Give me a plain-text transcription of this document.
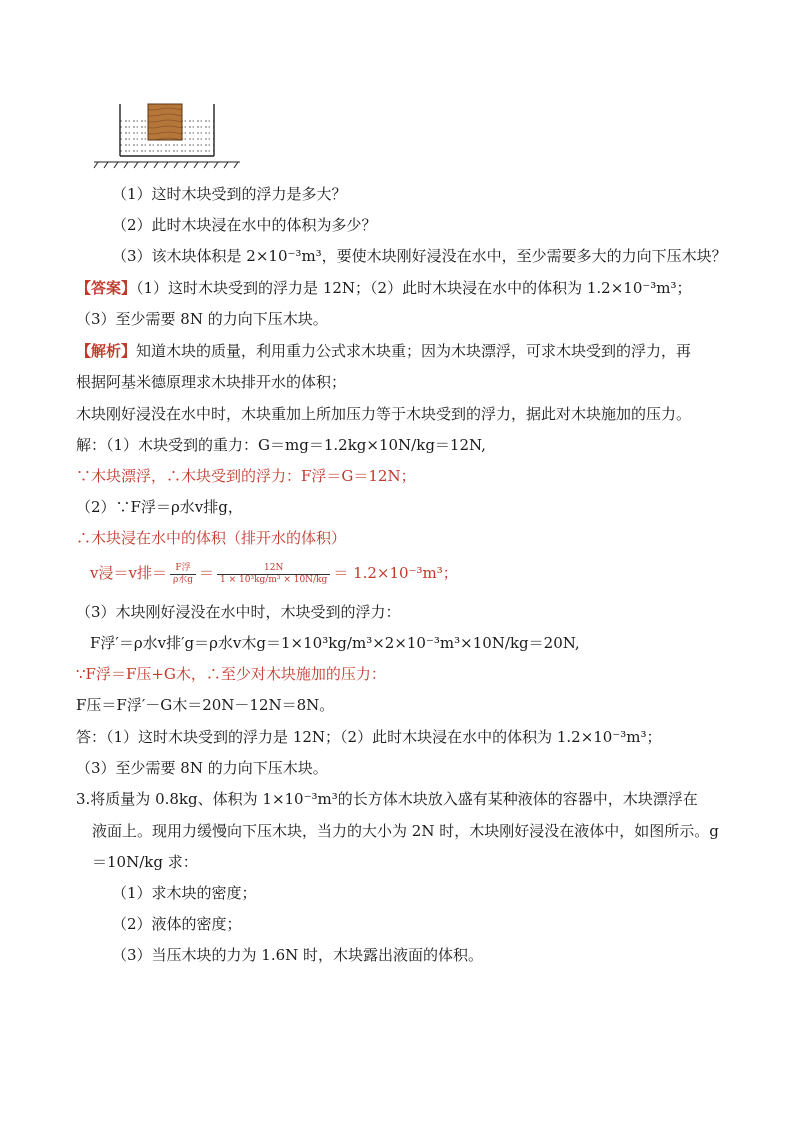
（1）这时木块受到的浮力是多大？
（2）此时木块浸在水中的体积为多少？
（3）该木块体积是 2×10⁻³m³，要使木块刚好浸没在水中，至少需要多大的力向下压木块？
【答案】（1）这时木块受到的浮力是 12N；（2）此时木块浸在水中的体积为 1.2×10⁻³m³；
（3）至少需要 8N 的力向下压木块。
【解析】知道木块的质量，利用重力公式求木块重；因为木块漂浮，可求木块受到的浮力，再
根据阿基米德原理求木块排开水的体积；
木块刚好浸没在水中时，木块重加上所加压力等于木块受到的浮力，据此对木块施加的压力。
解：（1）木块受到的重力：G＝mg＝1.2kg×10N/kg＝12N,
∵木块漂浮，∴木块受到的浮力：F浮＝G＝12N；
（2）∵F浮＝ρ水v排g，
∴木块浸在水中的体积（排开水的体积）
v浸＝v排＝ $\frac{\text{F浮}}{\text{ρ水g}} = \frac{12N}{\text{1 × 10³kg/m³ × 10N/kg}} = 1.2\times 10^{-3}m^3$；
（3）木块刚好浸没在水中时，木块受到的浮力：
F浮′＝ρ水v排′g＝ρ水v木g＝1×10³kg/m³×2×10⁻³m³×10N/kg＝20N,
∵F浮＝F压+G木，∴至少对木块施加的压力：
F压＝F浮′－G木＝20N－12N＝8N。
答：（1）这时木块受到的浮力是 12N；（2）此时木块浸在水中的体积为 1.2×10⁻³m³；
（3）至少需要 8N 的力向下压木块。
3.将质量为 0.8kg、体积为 1×10⁻³m³的长方体木块放入盛有某种液体的容器中，木块漂浮在
液面上。现用力缓慢向下压木块，当力的大小为 2N 时，木块刚好浸没在液体中，如图所示。g
＝10N/kg 求：
（1）求木块的密度；
（2）液体的密度；
（3）当压木块的力为 1.6N 时，木块露出液面的体积。
